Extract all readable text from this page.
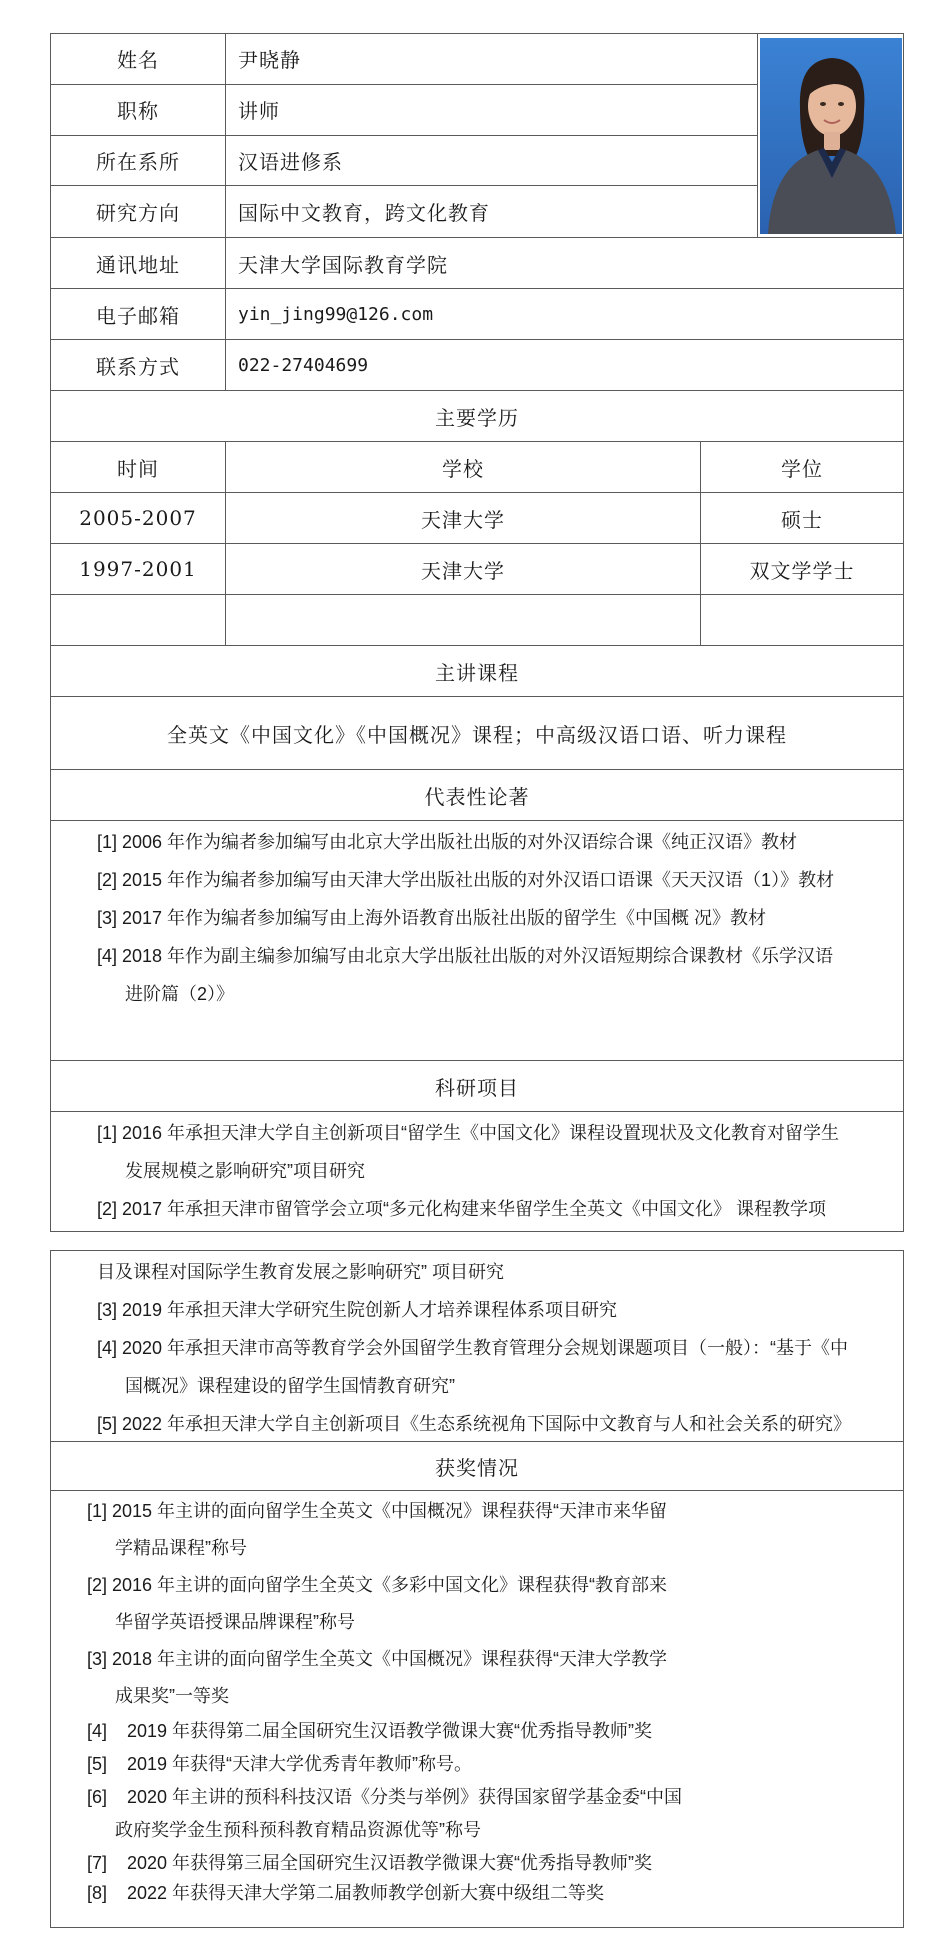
姓名	尹晓静
职称	讲师
所在系所	汉语进修系
研究方向	国际中文教育，跨文化教育
通讯地址	天津大学国际教育学院
电子邮箱	yin_jing99@126.com
联系方式	022-27404699
主要学历
时间	学校	学位
2005-2007	天津大学	硕士
1997-2001	天津大学	双文学学士
主讲课程
全英文《中国文化》《中国概况》课程；中高级汉语口语、听力课程
代表性论著
[1] 2006 年作为编者参加编写由北京大学出版社出版的对外汉语综合课《纯正汉语》教材
[2] 2015 年作为编者参加编写由天津大学出版社出版的对外汉语口语课《天天汉语（1）》教材
[3] 2017 年作为编者参加编写由上海外语教育出版社出版的留学生《中国概 况》教材
[4] 2018 年作为副主编参加编写由北京大学出版社出版的对外汉语短期综合课教材《乐学汉语
进阶篇（2）》
科研项目
[1] 2016 年承担天津大学自主创新项目“留学生《中国文化》课程设置现状及文化教育对留学生
发展规模之影响研究”项目研究
[2] 2017 年承担天津市留管学会立项“多元化构建来华留学生全英文《中国文化》 课程教学项
目及课程对国际学生教育发展之影响研究” 项目研究
[3] 2019 年承担天津大学研究生院创新人才培养课程体系项目研究
[4] 2020 年承担天津市高等教育学会外国留学生教育管理分会规划课题项目（一般）：“基于《中
国概况》课程建设的留学生国情教育研究”
[5] 2022 年承担天津大学自主创新项目《生态系统视角下国际中文教育与人和社会关系的研究》
获奖情况
[1] 2015 年主讲的面向留学生全英文《中国概况》课程获得“天津市来华留
学精品课程”称号
[2] 2016 年主讲的面向留学生全英文《多彩中国文化》课程获得“教育部来
华留学英语授课品牌课程”称号
[3] 2018 年主讲的面向留学生全英文《中国概况》课程获得“天津大学教学
成果奖”一等奖
[4]    2019 年获得第二届全国研究生汉语教学微课大赛“优秀指导教师”奖
[5]    2019 年获得“天津大学优秀青年教师”称号。
[6]    2020 年主讲的预科科技汉语《分类与举例》获得国家留学基金委“中国
政府奖学金生预科预科教育精品资源优等”称号
[7]    2020 年获得第三届全国研究生汉语教学微课大赛“优秀指导教师”奖
[8]    2022 年获得天津大学第二届教师教学创新大赛中级组二等奖
